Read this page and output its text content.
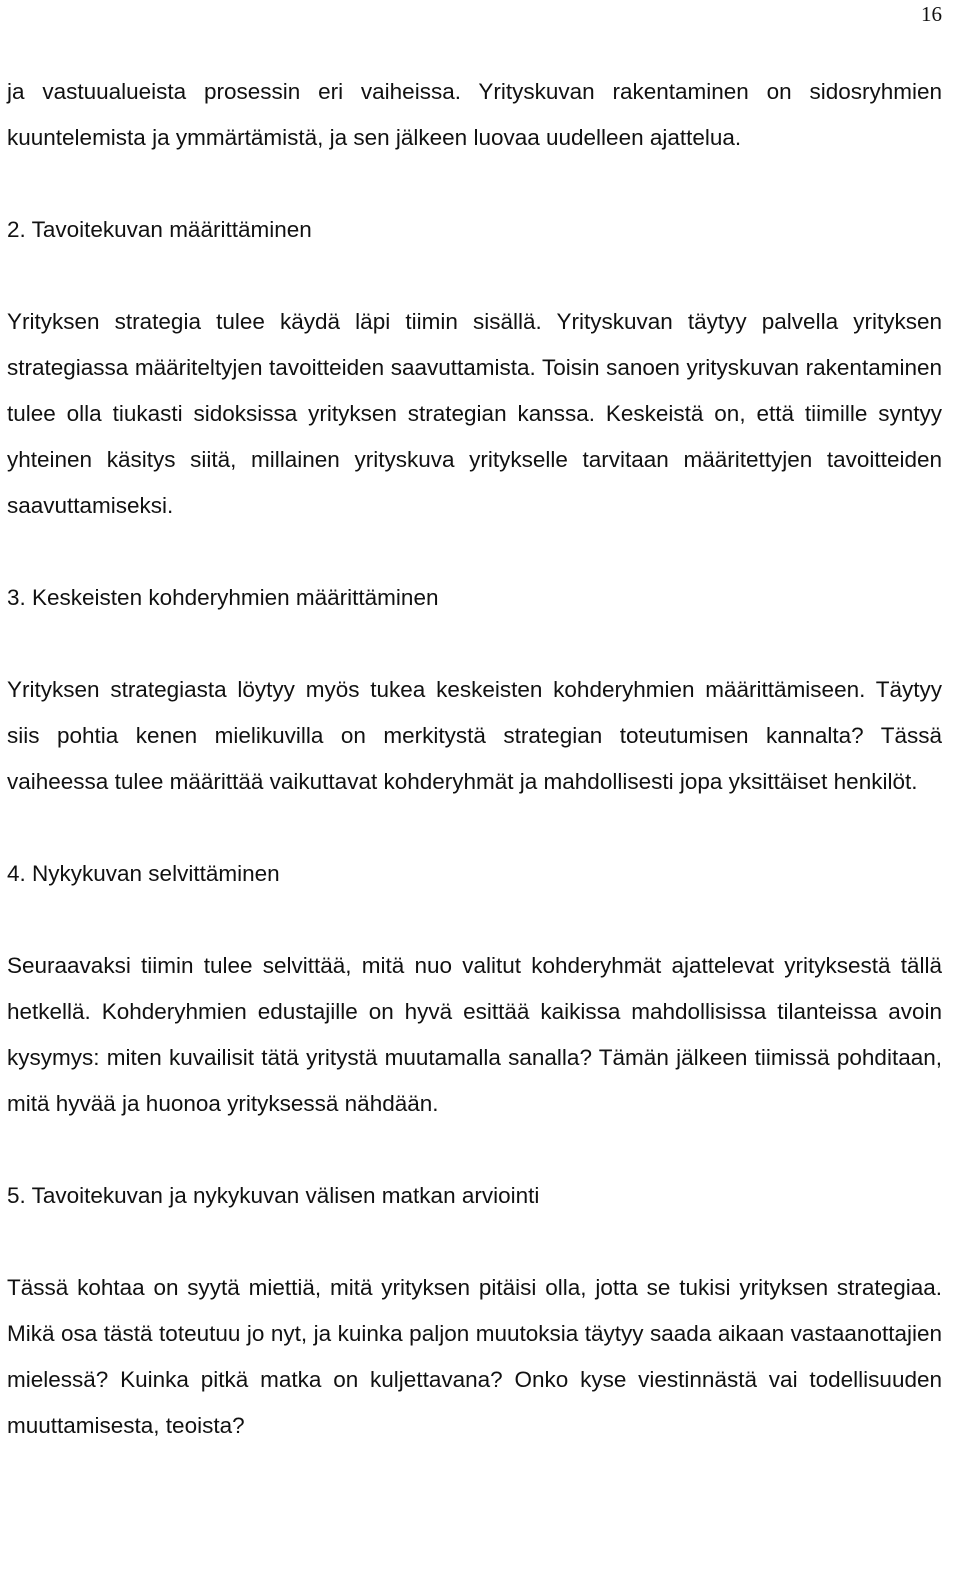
16

ja vastuualueista prosessin eri vaiheissa. Yrityskuvan rakentaminen on sidosryhmien kuuntelemista ja ymmärtämistä, ja sen jälkeen luovaa uudelleen ajattelua.

2. Tavoitekuvan määrittäminen

Yrityksen strategia tulee käydä läpi tiimin sisällä. Yrityskuvan täytyy palvella yrityksen strategiassa määriteltyjen tavoitteiden saavuttamista. Toisin sanoen yrityskuvan rakentaminen tulee olla tiukasti sidoksissa yrityksen strategian kanssa. Keskeistä on, että tiimille syntyy yhteinen käsitys siitä, millainen yrityskuva yritykselle tarvitaan määritettyjen tavoitteiden saavuttamiseksi.

3. Keskeisten kohderyhmien määrittäminen

Yrityksen strategiasta löytyy myös tukea keskeisten kohderyhmien määrittämiseen. Täytyy siis pohtia kenen mielikuvilla on merkitystä strategian toteutumisen kannalta? Tässä vaiheessa tulee määrittää vaikuttavat kohderyhmät ja mahdollisesti jopa yksittäiset henkilöt.

4. Nykykuvan selvittäminen

Seuraavaksi tiimin tulee selvittää, mitä nuo valitut kohderyhmät ajattelevat yrityksestä tällä hetkellä. Kohderyhmien edustajille on hyvä esittää kaikissa mahdollisissa tilanteissa avoin kysymys: miten kuvailisit tätä yritystä muutamalla sanalla? Tämän jälkeen tiimissä pohditaan, mitä hyvää ja huonoa yrityksessä nähdään.

5. Tavoitekuvan ja nykykuvan välisen matkan arviointi

Tässä kohtaa on syytä miettiä, mitä yrityksen pitäisi olla, jotta se tukisi yrityksen strategiaa. Mikä osa tästä toteutuu jo nyt, ja kuinka paljon muutoksia täytyy saada aikaan vastaanottajien mielessä? Kuinka pitkä matka on kuljettavana? Onko kyse viestinnästä vai todellisuuden muuttamisesta, teoista?
